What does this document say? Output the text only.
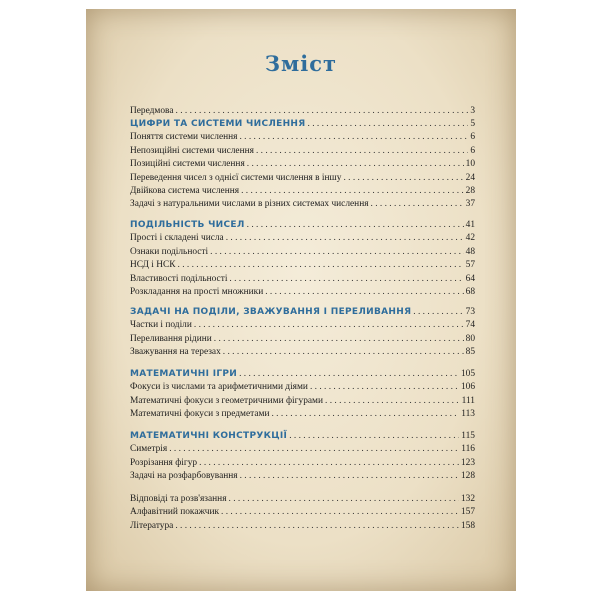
Зміст
Передмова . . .	3
ЦИФРИ ТА СИСТЕМИ ЧИСЛЕННЯ . . .	5
Поняття системи числення . . .	6
Непозиційні системи числення . . .	6
Позиційні системи числення . . .	10
Переведення чисел з однієї системи числення в іншу . . .	24
Двійкова система числення . . .	28
Задачі з натуральними числами в різних системах числення . . .	37
ПОДІЛЬНІСТЬ ЧИСЕЛ . . .	41
Прості і складені числа . . .	42
Ознаки подільності . . .	48
НСД і НСК . . .	57
Властивості подільності . . .	64
Розкладання на прості множники . . .	68
ЗАДАЧІ НА ПОДІЛИ, ЗВАЖУВАННЯ І ПЕРЕЛИВАННЯ . . .	73
Частки і поділи . . .	74
Переливання рідини . . .	80
Зважування на терезах . . .	85
МАТЕМАТИЧНІ ІГРИ . . .	105
Фокуси із числами та арифметичними діями . . .	106
Математичні фокуси з геометричними фігурами . . .	111
Математичні фокуси з предметами . . .	113
МАТЕМАТИЧНІ КОНСТРУКЦІЇ . . .	115
Симетрія . . .	116
Розрізання фігур . . .	123
Задачі на розфарбовування . . .	128
Відповіді та розв'язання . . .	132
Алфавітний покажчик . . .	157
Література . . .	158
